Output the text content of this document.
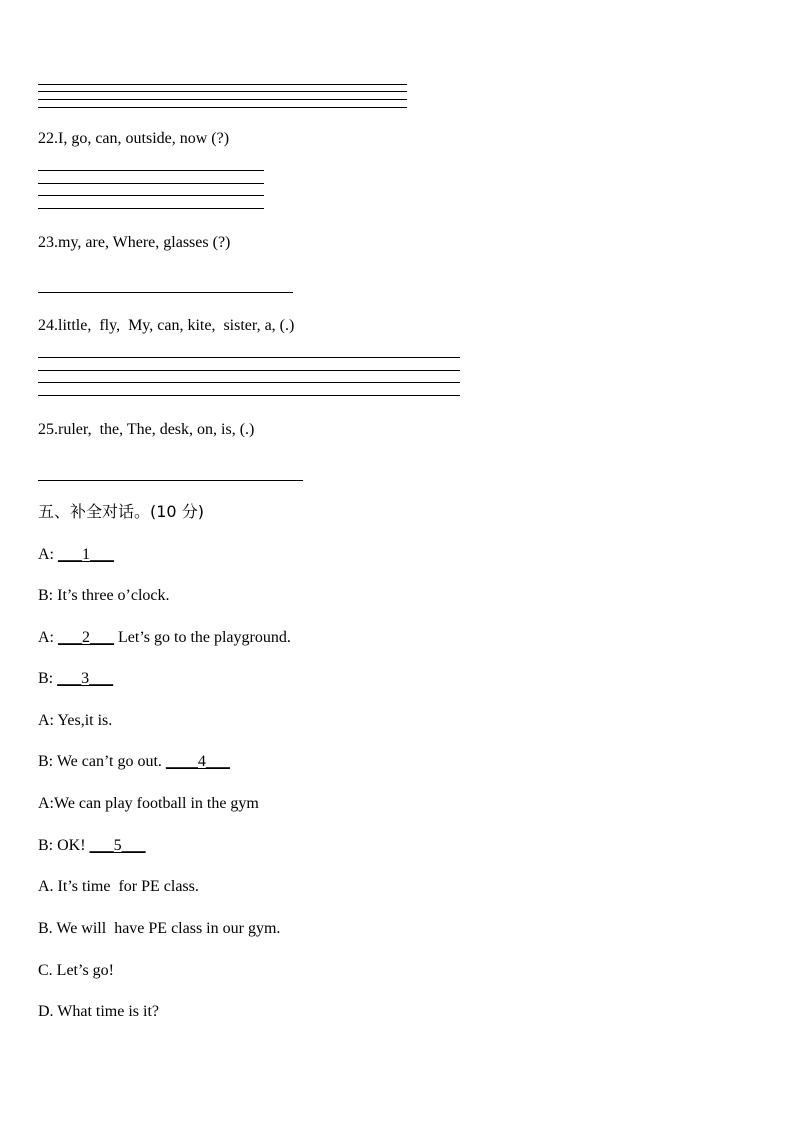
22.I, go, can, outside, now (?)
23.my, are, Where, glasses (?)
24.little,  fly,  My, can, kite,  sister, a, (.)
25.ruler,  the, The, desk, on, is, (.)
五、补全对话。(10 分)
A: ___1___
B: It’s three o’clock.
A: ___2___ Let’s go to the playground.
B: ___3___
A: Yes,it is.
B: We can’t go out. ____4___
A:We can play football in the gym
B: OK! ___5___
A. It’s time  for PE class.
B. We will  have PE class in our gym.
C. Let’s go!
D. What time is it?
